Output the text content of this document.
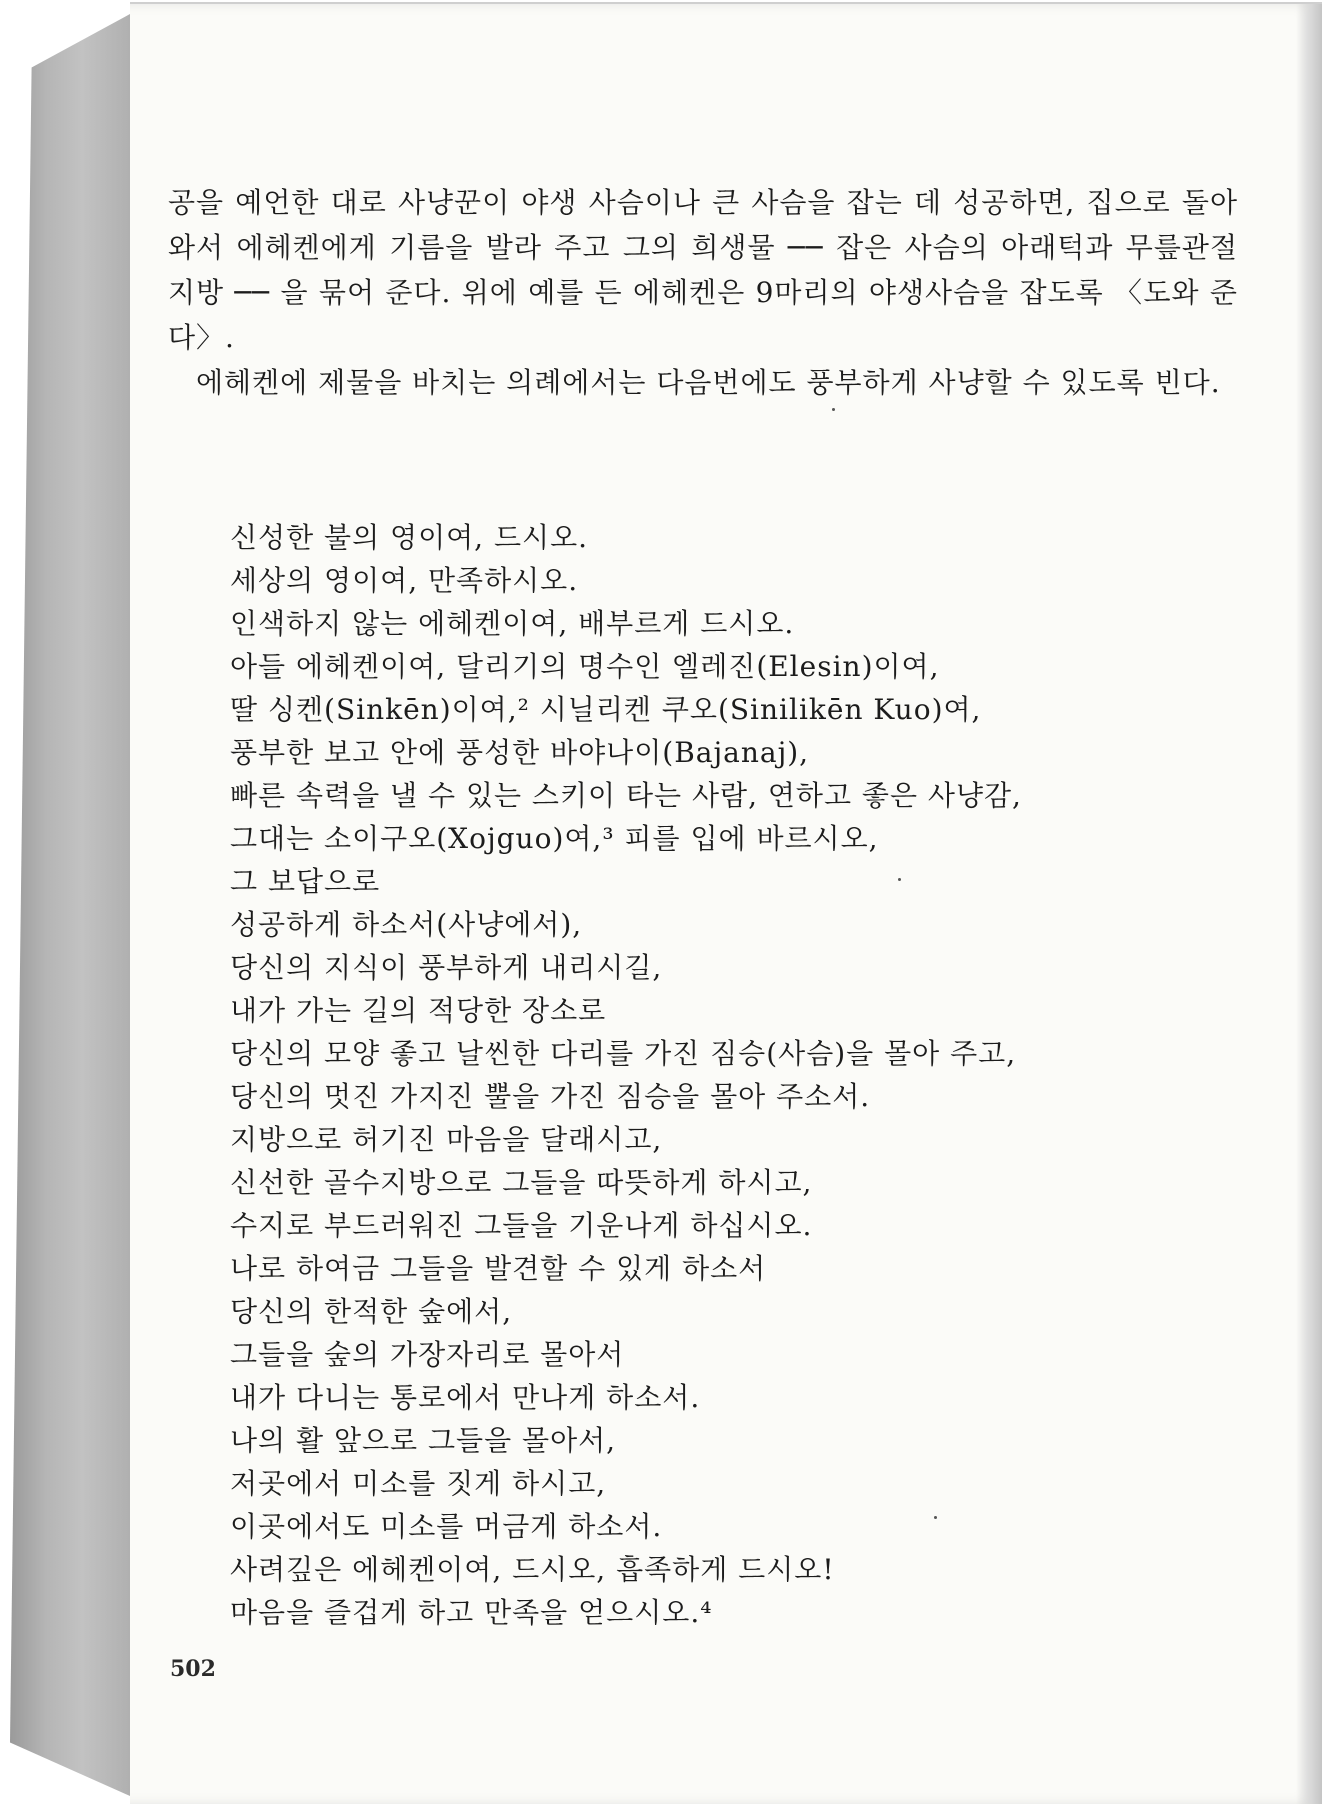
공을 예언한 대로 사냥꾼이 야생 사슴이나 큰 사슴을 잡는 데 성공하면, 집으로 돌아와서 에헤켄에게 기름을 발라 주고 그의 희생물 ── 잡은 사슴의 아래턱과 무릎관절 지방 ── 을 묶어 준다. 위에 예를 든 에헤켄은 9마리의 야생사슴을 잡도록 〈도와 준다〉.

에헤켄에 제물을 바치는 의례에서는 다음번에도 풍부하게 사냥할 수 있도록 빈다.

신성한 불의 영이여, 드시오.
세상의 영이여, 만족하시오.
인색하지 않는 에헤켄이여, 배부르게 드시오.
아들 에헤켄이여, 달리기의 명수인 엘레진(Elesin)이여,
딸 싱켄(Sinkēn)이여,² 시닐리켄 쿠오(Sinilikēn Kuo)여,
풍부한 보고 안에 풍성한 바야나이(Bajanaj),
빠른 속력을 낼 수 있는 스키이 타는 사람, 연하고 좋은 사냥감,
그대는 소이구오(Xojguo)여,³ 피를 입에 바르시오,
그 보답으로
성공하게 하소서(사냥에서),
당신의 지식이 풍부하게 내리시길,
내가 가는 길의 적당한 장소로
당신의 모양 좋고 날씬한 다리를 가진 짐승(사슴)을 몰아 주고,
당신의 멋진 가지진 뿔을 가진 짐승을 몰아 주소서.
지방으로 허기진 마음을 달래시고,
신선한 골수지방으로 그들을 따뜻하게 하시고,
수지로 부드러워진 그들을 기운나게 하십시오.
나로 하여금 그들을 발견할 수 있게 하소서
당신의 한적한 숲에서,
그들을 숲의 가장자리로 몰아서
내가 다니는 통로에서 만나게 하소서.
나의 활 앞으로 그들을 몰아서,
저곳에서 미소를 짓게 하시고,
이곳에서도 미소를 머금게 하소서.
사려깊은 에헤켄이여, 드시오, 흡족하게 드시오!
마음을 즐겁게 하고 만족을 얻으시오.⁴
502
